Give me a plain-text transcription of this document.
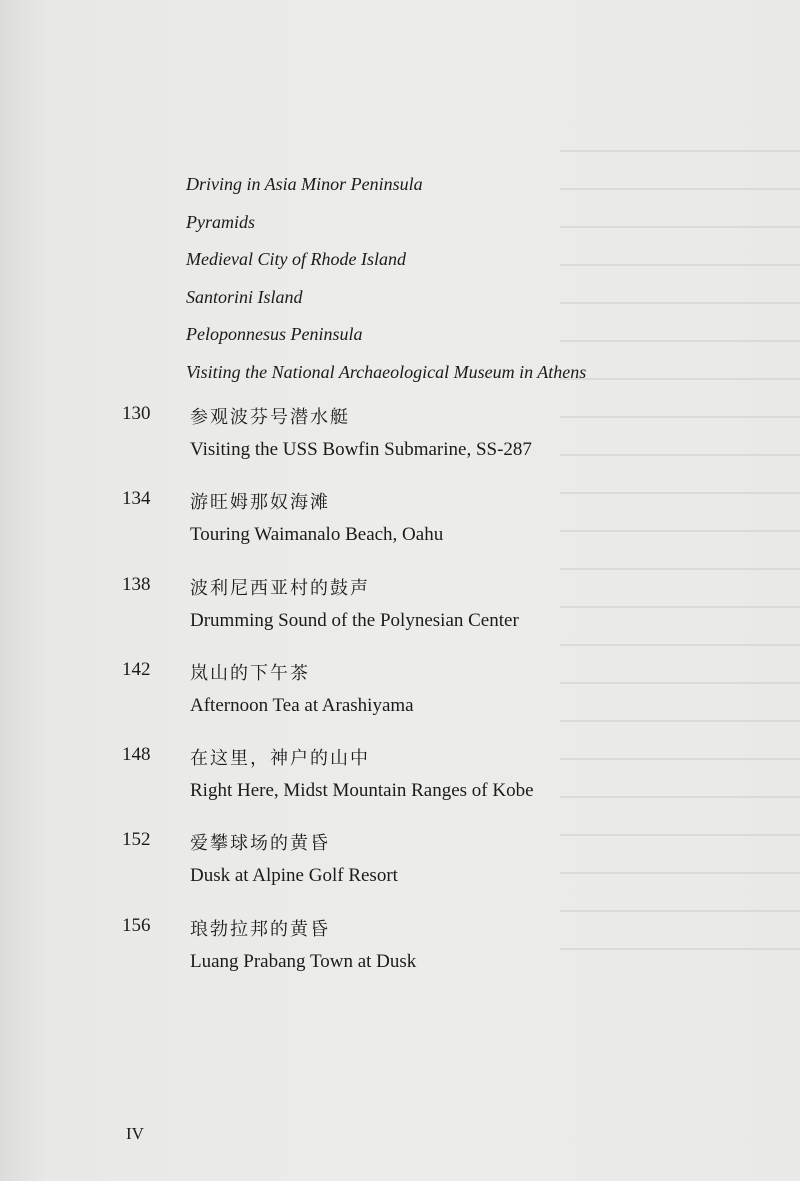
Driving in Asia Minor Peninsula
Pyramids
Medieval City of Rhode Island
Santorini Island
Peloponnesus Peninsula
Visiting the National Archaeological Museum in Athens
130 参观波芬号潜水艇
Visiting the USS Bowfin Submarine, SS-287
134 游旺姆那奴海滩
Touring Waimanalo Beach, Oahu
138 波利尼西亚村的鼓声
Drumming Sound of the Polynesian Center
142 岚山的下午茶
Afternoon Tea at Arashiyama
148 在这里，神户的山中
Right Here, Midst Mountain Ranges of Kobe
152 爱攀球场的黄昏
Dusk at Alpine Golf Resort
156 琅勃拉邦的黄昏
Luang Prabang Town at Dusk
IV
